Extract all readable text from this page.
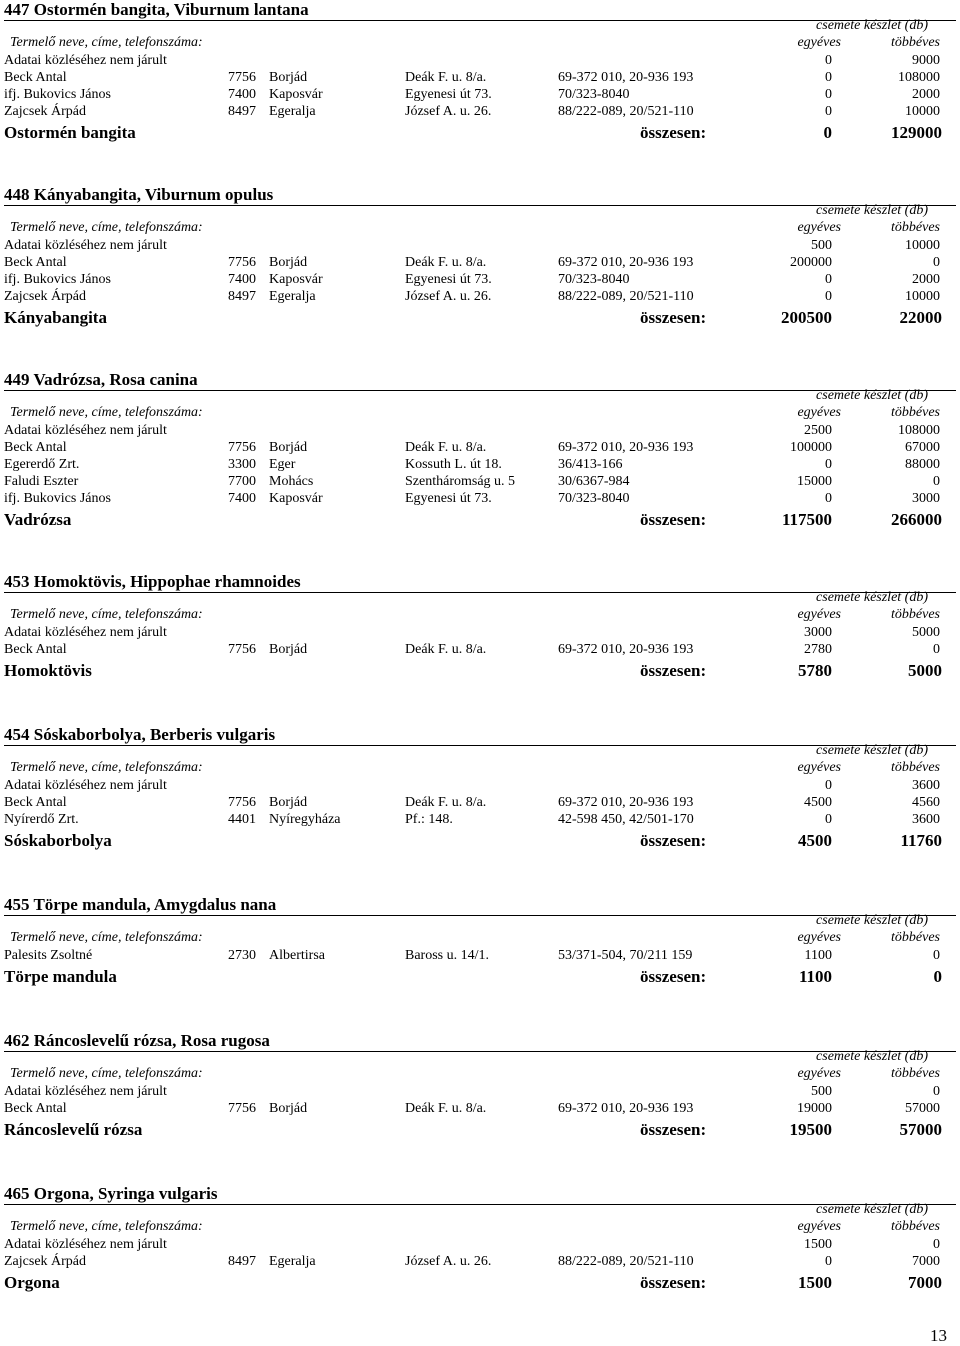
447 Ostormén bangita, Viburnum lantana
csemete készlet (db)
Termelő neve, címe, telefonszáma:	egyéves	többéves
Adatai közléséhez nem járult	0	9000
Beck Antal	7756 Borjád	Deák F. u. 8/a.	69-372 010, 20-936 193	0	108000
ifj. Bukovics János	7400 Kaposvár	Egyenesi út 73.	70/323-8040	0	2000
Zajcsek Árpád	8497 Egeralja	József A. u. 26.	88/222-089, 20/521-110	0	10000
Ostormén bangita	összesen:	0	129000
448 Kányabangita, Viburnum opulus
csemete készlet (db)
Termelő neve, címe, telefonszáma:	egyéves	többéves
Adatai közléséhez nem járult	500	10000
Beck Antal	7756 Borjád	Deák F. u. 8/a.	69-372 010, 20-936 193	200000	0
ifj. Bukovics János	7400 Kaposvár	Egyenesi út 73.	70/323-8040	0	2000
Zajcsek Árpád	8497 Egeralja	József A. u. 26.	88/222-089, 20/521-110	0	10000
Kányabangita	összesen:	200500	22000
449 Vadrózsa, Rosa canina
csemete készlet (db)
Termelő neve, címe, telefonszáma:	egyéves	többéves
Adatai közléséhez nem járult	2500	108000
Beck Antal	7756 Borjád	Deák F. u. 8/a.	69-372 010, 20-936 193	100000	67000
Egererdő Zrt.	3300 Eger	Kossuth L. út 18.	36/413-166	0	88000
Faludi Eszter	7700 Mohács	Szentháromság u. 5	30/6367-984	15000	0
ifj. Bukovics János	7400 Kaposvár	Egyenesi út 73.	70/323-8040	0	3000
Vadrózsa	összesen:	117500	266000
453 Homoktövis, Hippophae rhamnoides
csemete készlet (db)
Termelő neve, címe, telefonszáma:	egyéves	többéves
Adatai közléséhez nem járult	3000	5000
Beck Antal	7756 Borjád	Deák F. u. 8/a.	69-372 010, 20-936 193	2780	0
Homoktövis	összesen:	5780	5000
454 Sóskaborbolya, Berberis vulgaris
csemete készlet (db)
Termelő neve, címe, telefonszáma:	egyéves	többéves
Adatai közléséhez nem járult	0	3600
Beck Antal	7756 Borjád	Deák F. u. 8/a.	69-372 010, 20-936 193	4500	4560
Nyírerdő Zrt.	4401 Nyíregyháza	Pf.: 148.	42-598 450, 42/501-170	0	3600
Sóskaborbolya	összesen:	4500	11760
455 Törpe mandula, Amygdalus nana
csemete készlet (db)
Termelő neve, címe, telefonszáma:	egyéves	többéves
Palesits Zsoltné	2730 Albertirsa	Baross u. 14/1.	53/371-504, 70/211 159	1100	0
Törpe mandula	összesen:	1100	0
462 Ráncoslevelű rózsa, Rosa rugosa
csemete készlet (db)
Termelő neve, címe, telefonszáma:	egyéves	többéves
Adatai közléséhez nem járult	500	0
Beck Antal	7756 Borjád	Deák F. u. 8/a.	69-372 010, 20-936 193	19000	57000
Ráncoslevelű rózsa	összesen:	19500	57000
465 Orgona, Syringa vulgaris
csemete készlet (db)
Termelő neve, címe, telefonszáma:	egyéves	többéves
Adatai közléséhez nem járult	1500	0
Zajcsek Árpád	8497 Egeralja	József A. u. 26.	88/222-089, 20/521-110	0	7000
Orgona	összesen:	1500	7000
13
